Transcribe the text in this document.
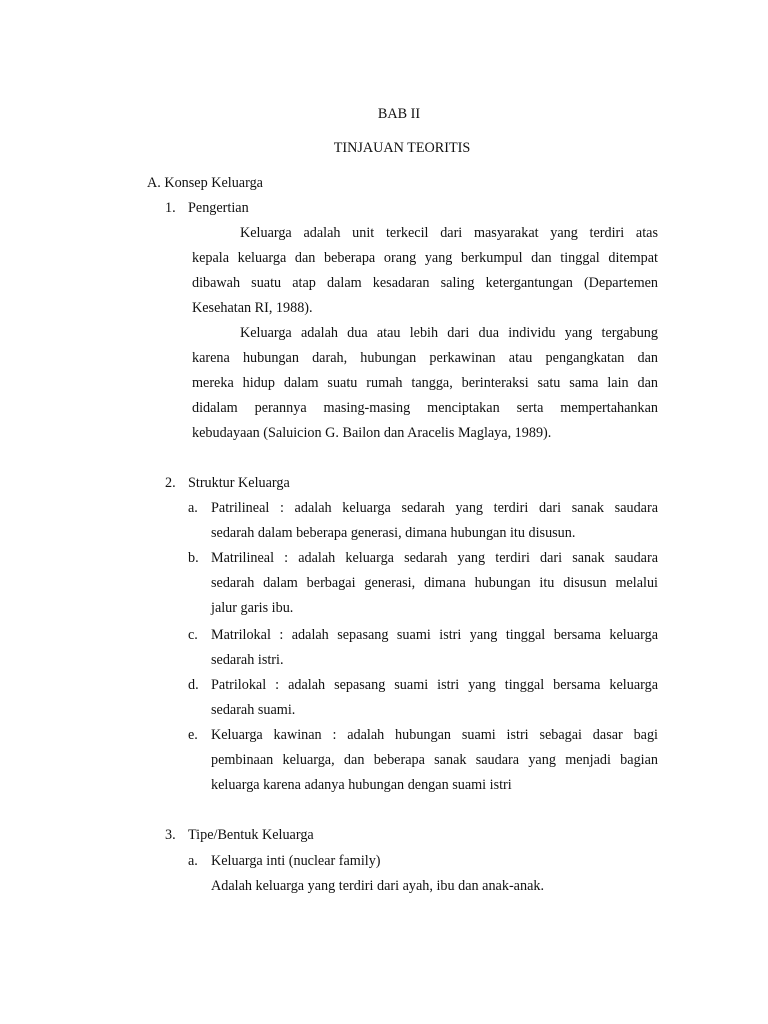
BAB II
TINJAUAN TEORITIS
A. Konsep Keluarga
1. Pengertian
Keluarga adalah unit terkecil dari masyarakat yang terdiri atas
kepala keluarga dan beberapa orang yang berkumpul dan tinggal ditempat
dibawah suatu atap dalam kesadaran saling ketergantungan (Departemen
Kesehatan RI, 1988).
Keluarga adalah dua atau lebih dari dua individu yang tergabung
karena hubungan darah, hubungan perkawinan atau pengangkatan dan
mereka hidup dalam suatu rumah tangga, berinteraksi satu sama lain dan
didalam perannya masing-masing menciptakan serta mempertahankan
kebudayaan (Saluicion G. Bailon dan Aracelis Maglaya, 1989).
2. Struktur Keluarga
a. Patrilineal : adalah keluarga sedarah yang terdiri dari sanak saudara
sedarah dalam beberapa generasi, dimana hubungan itu disusun.
b. Matrilineal : adalah keluarga sedarah yang terdiri dari sanak saudara
sedarah dalam berbagai generasi, dimana hubungan itu disusun melalui
jalur garis ibu.
c. Matrilokal : adalah sepasang suami istri yang tinggal bersama keluarga
sedarah istri.
d. Patrilokal : adalah sepasang suami istri yang tinggal bersama keluarga
sedarah suami.
e. Keluarga kawinan : adalah hubungan suami istri sebagai dasar bagi
pembinaan keluarga, dan beberapa sanak saudara yang menjadi bagian
keluarga karena adanya hubungan dengan suami istri
3. Tipe/Bentuk Keluarga
a. Keluarga inti (nuclear family)
Adalah keluarga yang terdiri dari ayah, ibu dan anak-anak.
